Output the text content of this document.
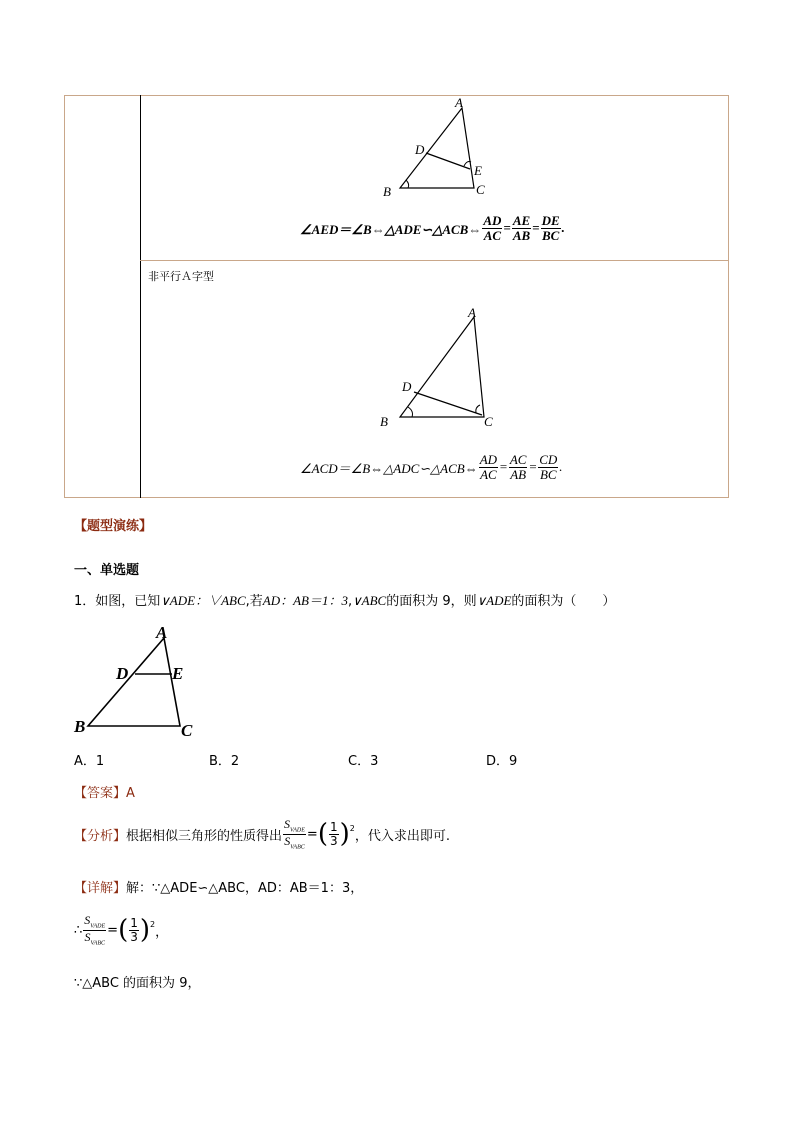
A
D
E
B	C
∠AED＝∠B⇔△ADE∽△ACB⇔ $\frac{AD}{AC} = \frac{AE}{AB} = \frac{DE}{BC}$ .
非平行Ａ字型
A
D
B	C
∠ACD＝∠B⇔△ADC∽△ACB⇔ $\frac{AD}{AC} = \frac{AC}{AB} = \frac{CD}{BC}$ .
【题型演练】
一、单选题
1．如图，已知∨ADE：∨ABC,若AD：AB＝1：3,∨ABC的面积为 9，则∨ADE的面积为（　　）
A
D	E
B	C
A．1	B．2	C．3	D．9
【答案】A
【分析】 根据相似三角形的性质得出 $\frac{S_{VADE}}{S_{VABC}}$ = ( $\frac{1}{3}$ ) 2
，代入求出即可.
【详解】解：∵△ADE∽△ABC，AD：AB＝1：3，
∴ $\frac{S_{VADE}}{S_{VABC}}$ = ( $\frac{1}{3}$ ) 2
，
∵△ABC 的面积为 9，
